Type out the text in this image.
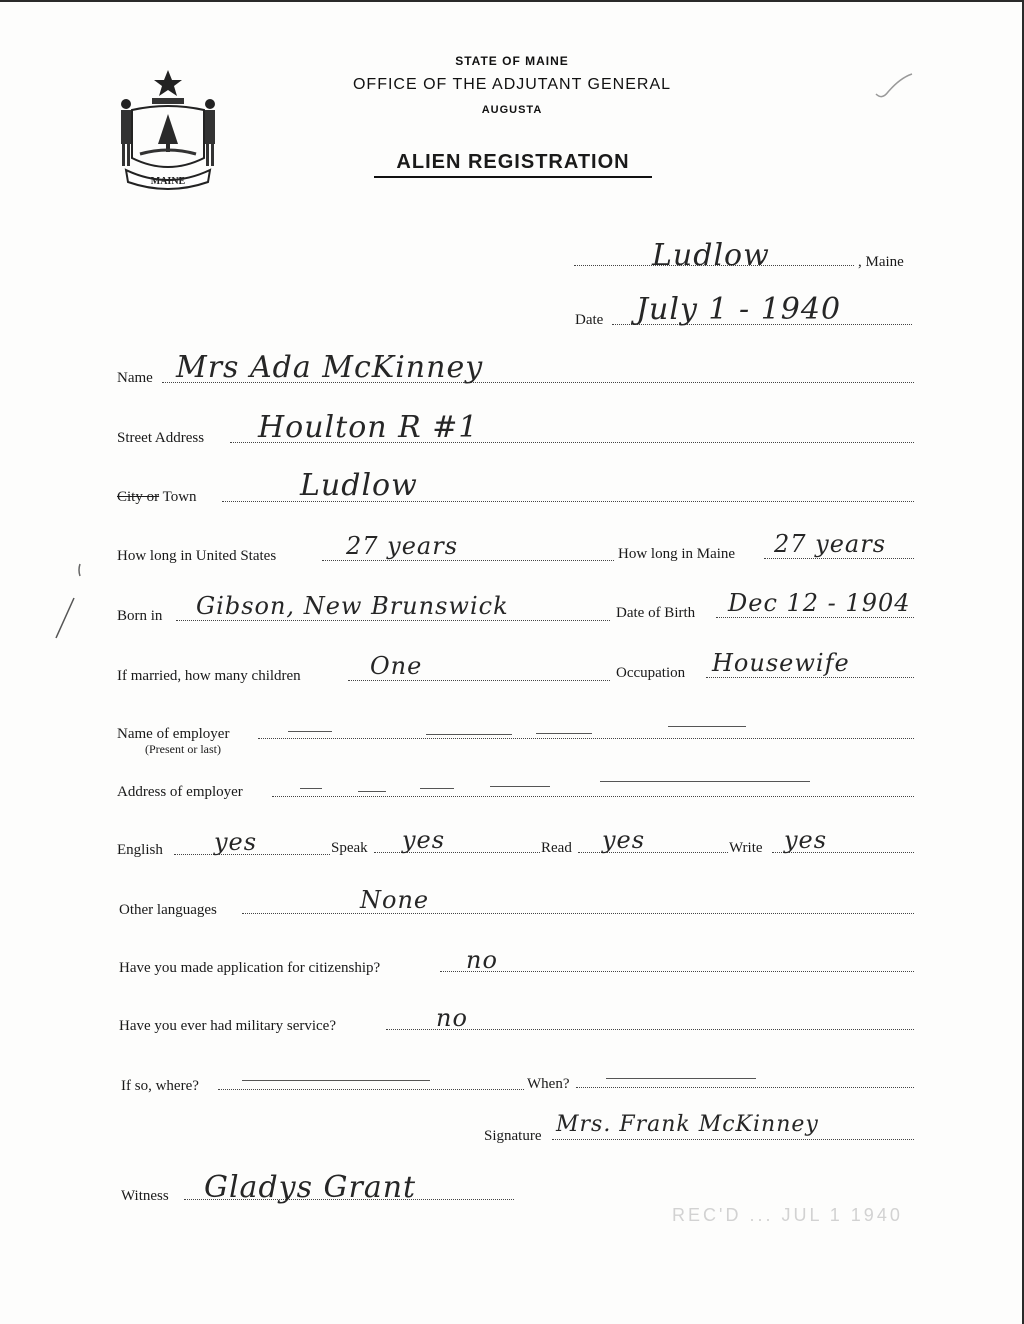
MAINE
STATE OF MAINE
OFFICE OF THE ADJUTANT GENERAL
AUGUSTA
ALIEN REGISTRATION
Ludlow	, Maine
Date July 1 - 1940
Name Mrs Ada McKinney
Street Address Houlton R #1
City or Town	Ludlow
How long in United States	27 years	How long in Maine 27 years
Born in Gibson, New Brunswick	Date of Birth Dec 12 - 1904
If married, how many children	One	Occupation Housewife
Name of employer
(Present or last)
Address of employer
English yes	Speak yes	Read yes	Write yes
Other languages	None
Have you made application for citizenship?	no
Have you ever had military service?	no
If so, where?	When?
Signature Mrs. Frank McKinney
Witness Gladys Grant
REC'D ... JUL 1 1940
